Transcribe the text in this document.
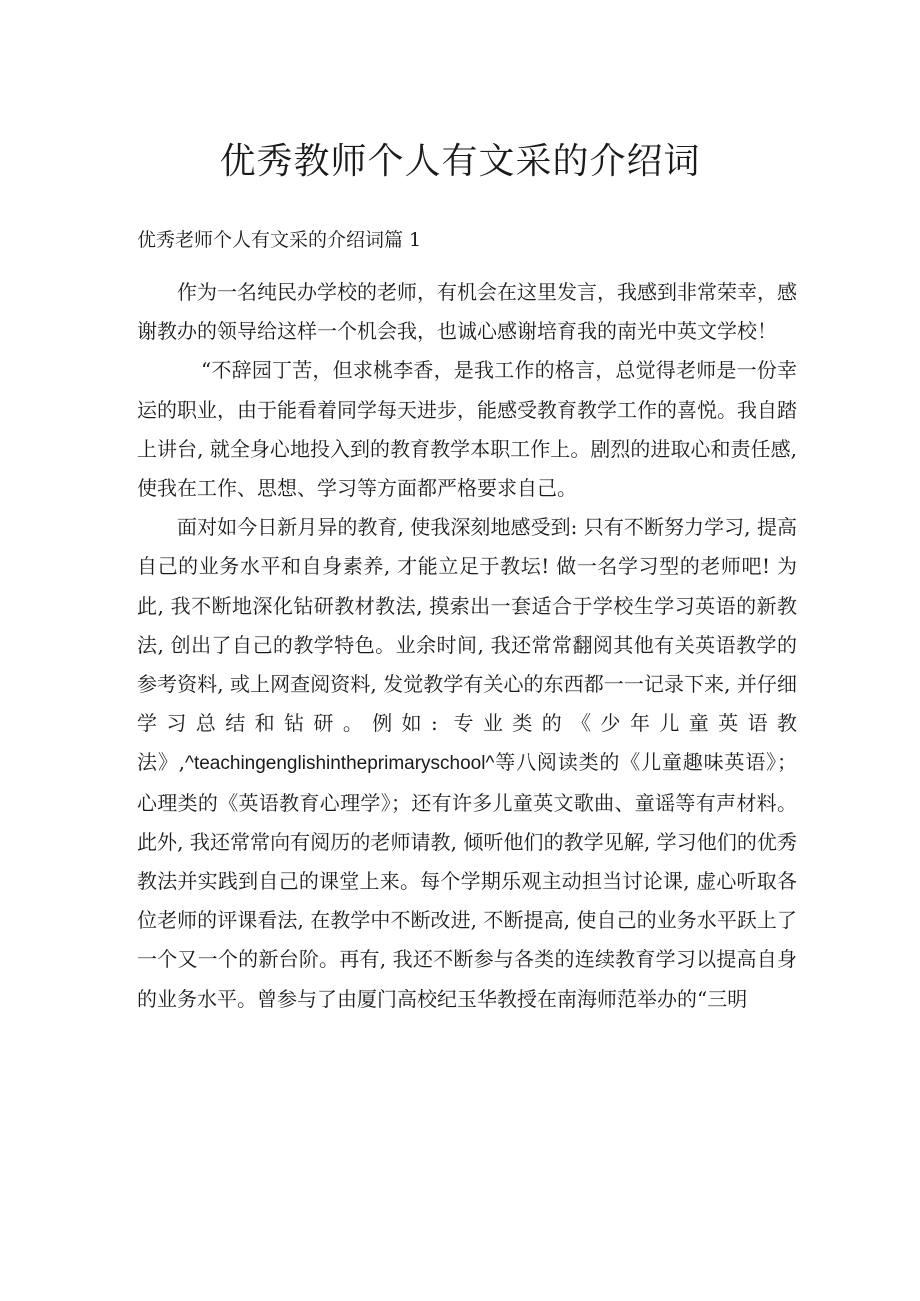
优秀教师个人有文采的介绍词

优秀老师个人有文采的介绍词篇 1

作为一名纯民办学校的老师，有机会在这里发言，我感到非常荣幸，感谢教办的领导给这样一个机会我，也诚心感谢培育我的南光中英文学校！

“不辞园丁苦，但求桃李香，是我工作的格言，总觉得老师是一份幸运的职业，由于能看着同学每天进步，能感受教育教学工作的喜悦。我自踏上讲台, 就全身心地投入到的教育教学本职工作上。剧烈的进取心和责任感, 使我在工作、思想、学习等方面都严格要求自己。

面对如今日新月异的教育, 使我深刻地感受到: 只有不断努力学习, 提高自己的业务水平和自身素养, 才能立足于教坛! 做一名学习型的老师吧! 为此, 我不断地深化钻研教材教法, 摸索出一套适合于学校生学习英语的新教法, 创出了自己的教学特色。业余时间, 我还常常翻阅其他有关英语教学的参考资料, 或上网查阅资料, 发觉教学有关心的东西都一一记录下来, 并仔细学习总结和钻研。例如: 专业类的《少年儿童英语教法》,^teachingenglishintheprimaryschool^等八阅读类的《儿童趣味英语》；心理类的《英语教育心理学》；还有许多儿童英文歌曲、童谣等有声材料。此外, 我还常常向有阅历的老师请教, 倾听他们的教学见解, 学习他们的优秀教法并实践到自己的课堂上来。每个学期乐观主动担当讨论课, 虚心听取各位老师的评课看法, 在教学中不断改进, 不断提高, 使自己的业务水平跃上了一个又一个的新台阶。再有, 我还不断参与各类的连续教育学习以提高自身的业务水平。曾参与了由厦门高校纪玉华教授在南海师范举办的“三明
